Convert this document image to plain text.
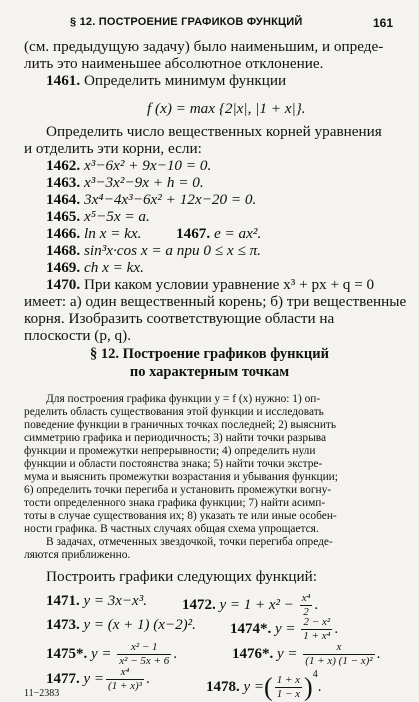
§ 12. ПОСТРОЕНИЕ ГРАФИКОВ ФУНКЦИЙ	161
(см. предыдущую задачу) было наименьшим, и опреде-
лить это наименьшее абсолютное отклонение.
1461. Определить минимум функции
f (x) = max {2|x|, |1 + x|}.
Определить число вещественных корней уравнения
и отделить эти корни, если:
1462. x³−6x² + 9x−10 = 0.
1463. x³−3x²−9x + h = 0.
1464. 3x⁴−4x³−6x² + 12x−20 = 0.
1465. x⁵−5x = a.
1466. ln x = kx. 1467. e = ax².
1468. sin³x·cos x = a при 0 ≤ x ≤ π.
1469. ch x = kx.
1470. При каком условии уравнение x³ + px + q = 0
имеет: а) один вещественный корень; б) три вещественные
корня. Изобразить соответствующие области на
плоскости (p, q).
§ 12. Построение графиков функций
по характерным точкам
Для построения графика функции y = f (x) нужно: 1) оп-
ределить область существования этой функции и исследовать
поведение функции в граничных точках последней; 2) выяснить
симметрию графика и периодичность; 3) найти точки разрыва
функции и промежутки непрерывности; 4) определить нули
функции и области постоянства знака; 5) найти точки экстре-
мума и выяснить промежутки возрастания и убывания функции;
6) определить точки перегиба и установить промежутки вогну-
тости определенного знака графика функции; 7) найти асимп-
тоты в случае существования их; 8) указать те или иные особен-
ности графика. В частных случаях общая схема упрощается.
В задачах, отмеченных звездочкой, точки перегиба опреде-
ляются приближенно.
Построить графики следующих функций:
1471. y = 3x−x³. 1472. $y = 1 + x^2 - \frac{\text{x⁴}}{2}$ .
1473. y = (x + 1) (x−2)². 1474*. $y = \frac{\text{2 − x²}}{\text{1 + x⁴}}$ .
1475*. $y = \frac{\text{x² − 1}}{\text{x² − 5x + 6}}$ .	1476*. $y = \frac{x}{\text{(1 + x) (1 − x)²}}$ .
1477. $y = \frac{\text{x⁴}}{\text{(1 + x)³}}$ .
1478. y =( $\frac{1 + x}{1 - x} )^4$.
11−2383
